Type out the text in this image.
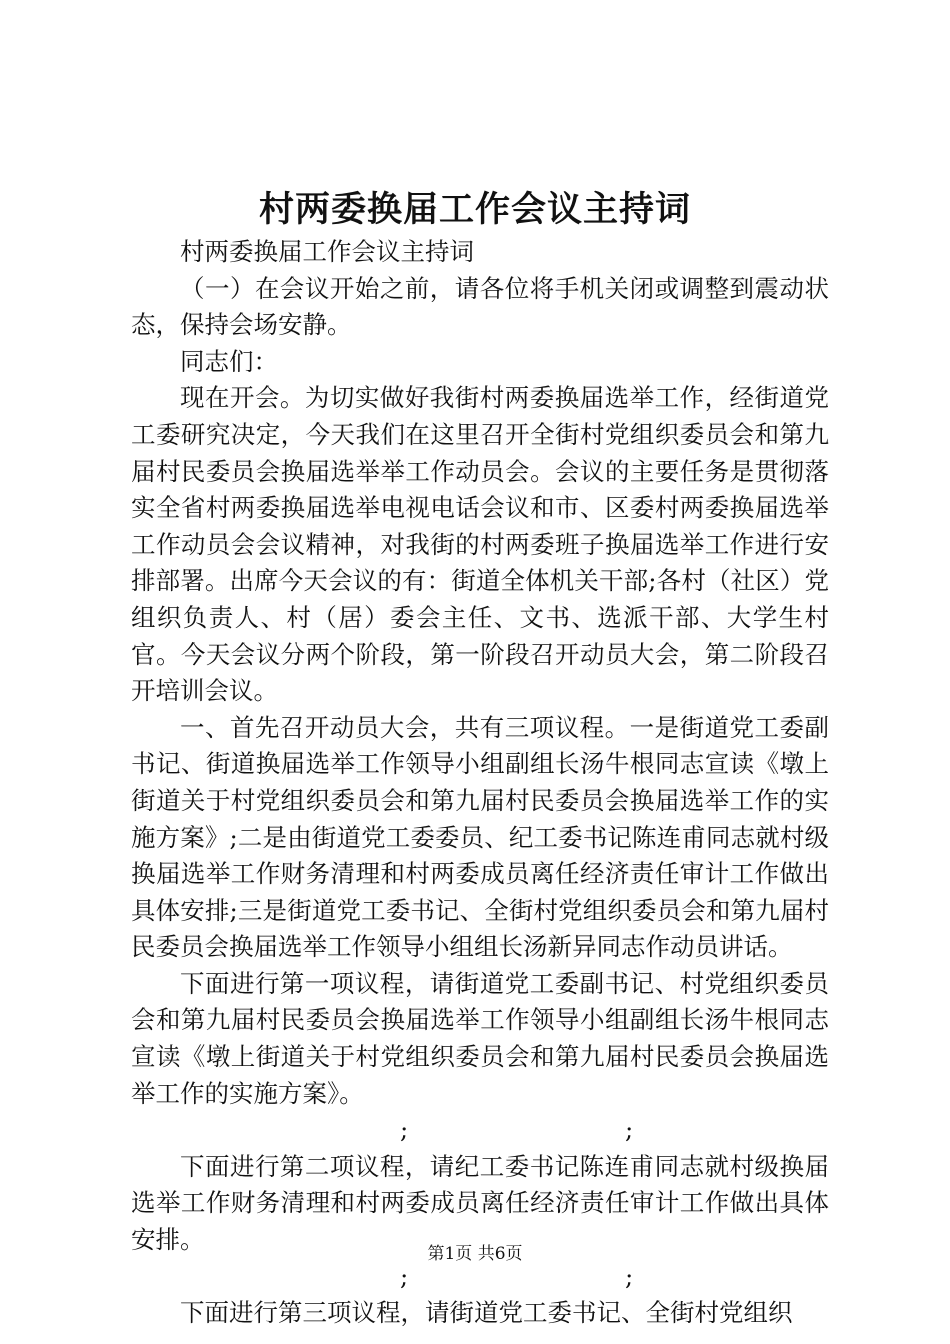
村两委换届工作会议主持词

村两委换届工作会议主持词

（一）在会议开始之前，请各位将手机关闭或调整到震动状态，保持会场安静。

同志们：

现在开会。为切实做好我街村两委换届选举工作，经街道党工委研究决定，今天我们在这里召开全街村党组织委员会和第九届村民委员会换届选举举工作动员会。会议的主要任务是贯彻落实全省村两委换届选举电视电话会议和市、区委村两委换届选举工作动员会会议精神，对我街的村两委班子换届选举工作进行安排部署。出席今天会议的有：街道全体机关干部;各村（社区）党组织负责人、村（居）委会主任、文书、选派干部、大学生村官。今天会议分两个阶段，第一阶段召开动员大会，第二阶段召开培训会议。

一、首先召开动员大会，共有三项议程。一是街道党工委副书记、街道换届选举工作领导小组副组长汤牛根同志宣读《墩上街道关于村党组织委员会和第九届村民委员会换届选举工作的实施方案》;二是由街道党工委委员、纪工委书记陈连甫同志就村级换届选举工作财务清理和村两委成员离任经济责任审计工作做出具体安排;三是街道党工委书记、全街村党组织委员会和第九届村民委员会换届选举工作领导小组组长汤新异同志作动员讲话。

下面进行第一项议程，请街道党工委副书记、村党组织委员会和第九届村民委员会换届选举工作领导小组副组长汤牛根同志宣读《墩上街道关于村党组织委员会和第九届村民委员会换届选举工作的实施方案》。

;	;

下面进行第二项议程，请纪工委书记陈连甫同志就村级换届选举工作财务清理和村两委成员离任经济责任审计工作做出具体安排。

;	;

下面进行第三项议程，请街道党工委书记、全街村党组织

第1页 共6页
